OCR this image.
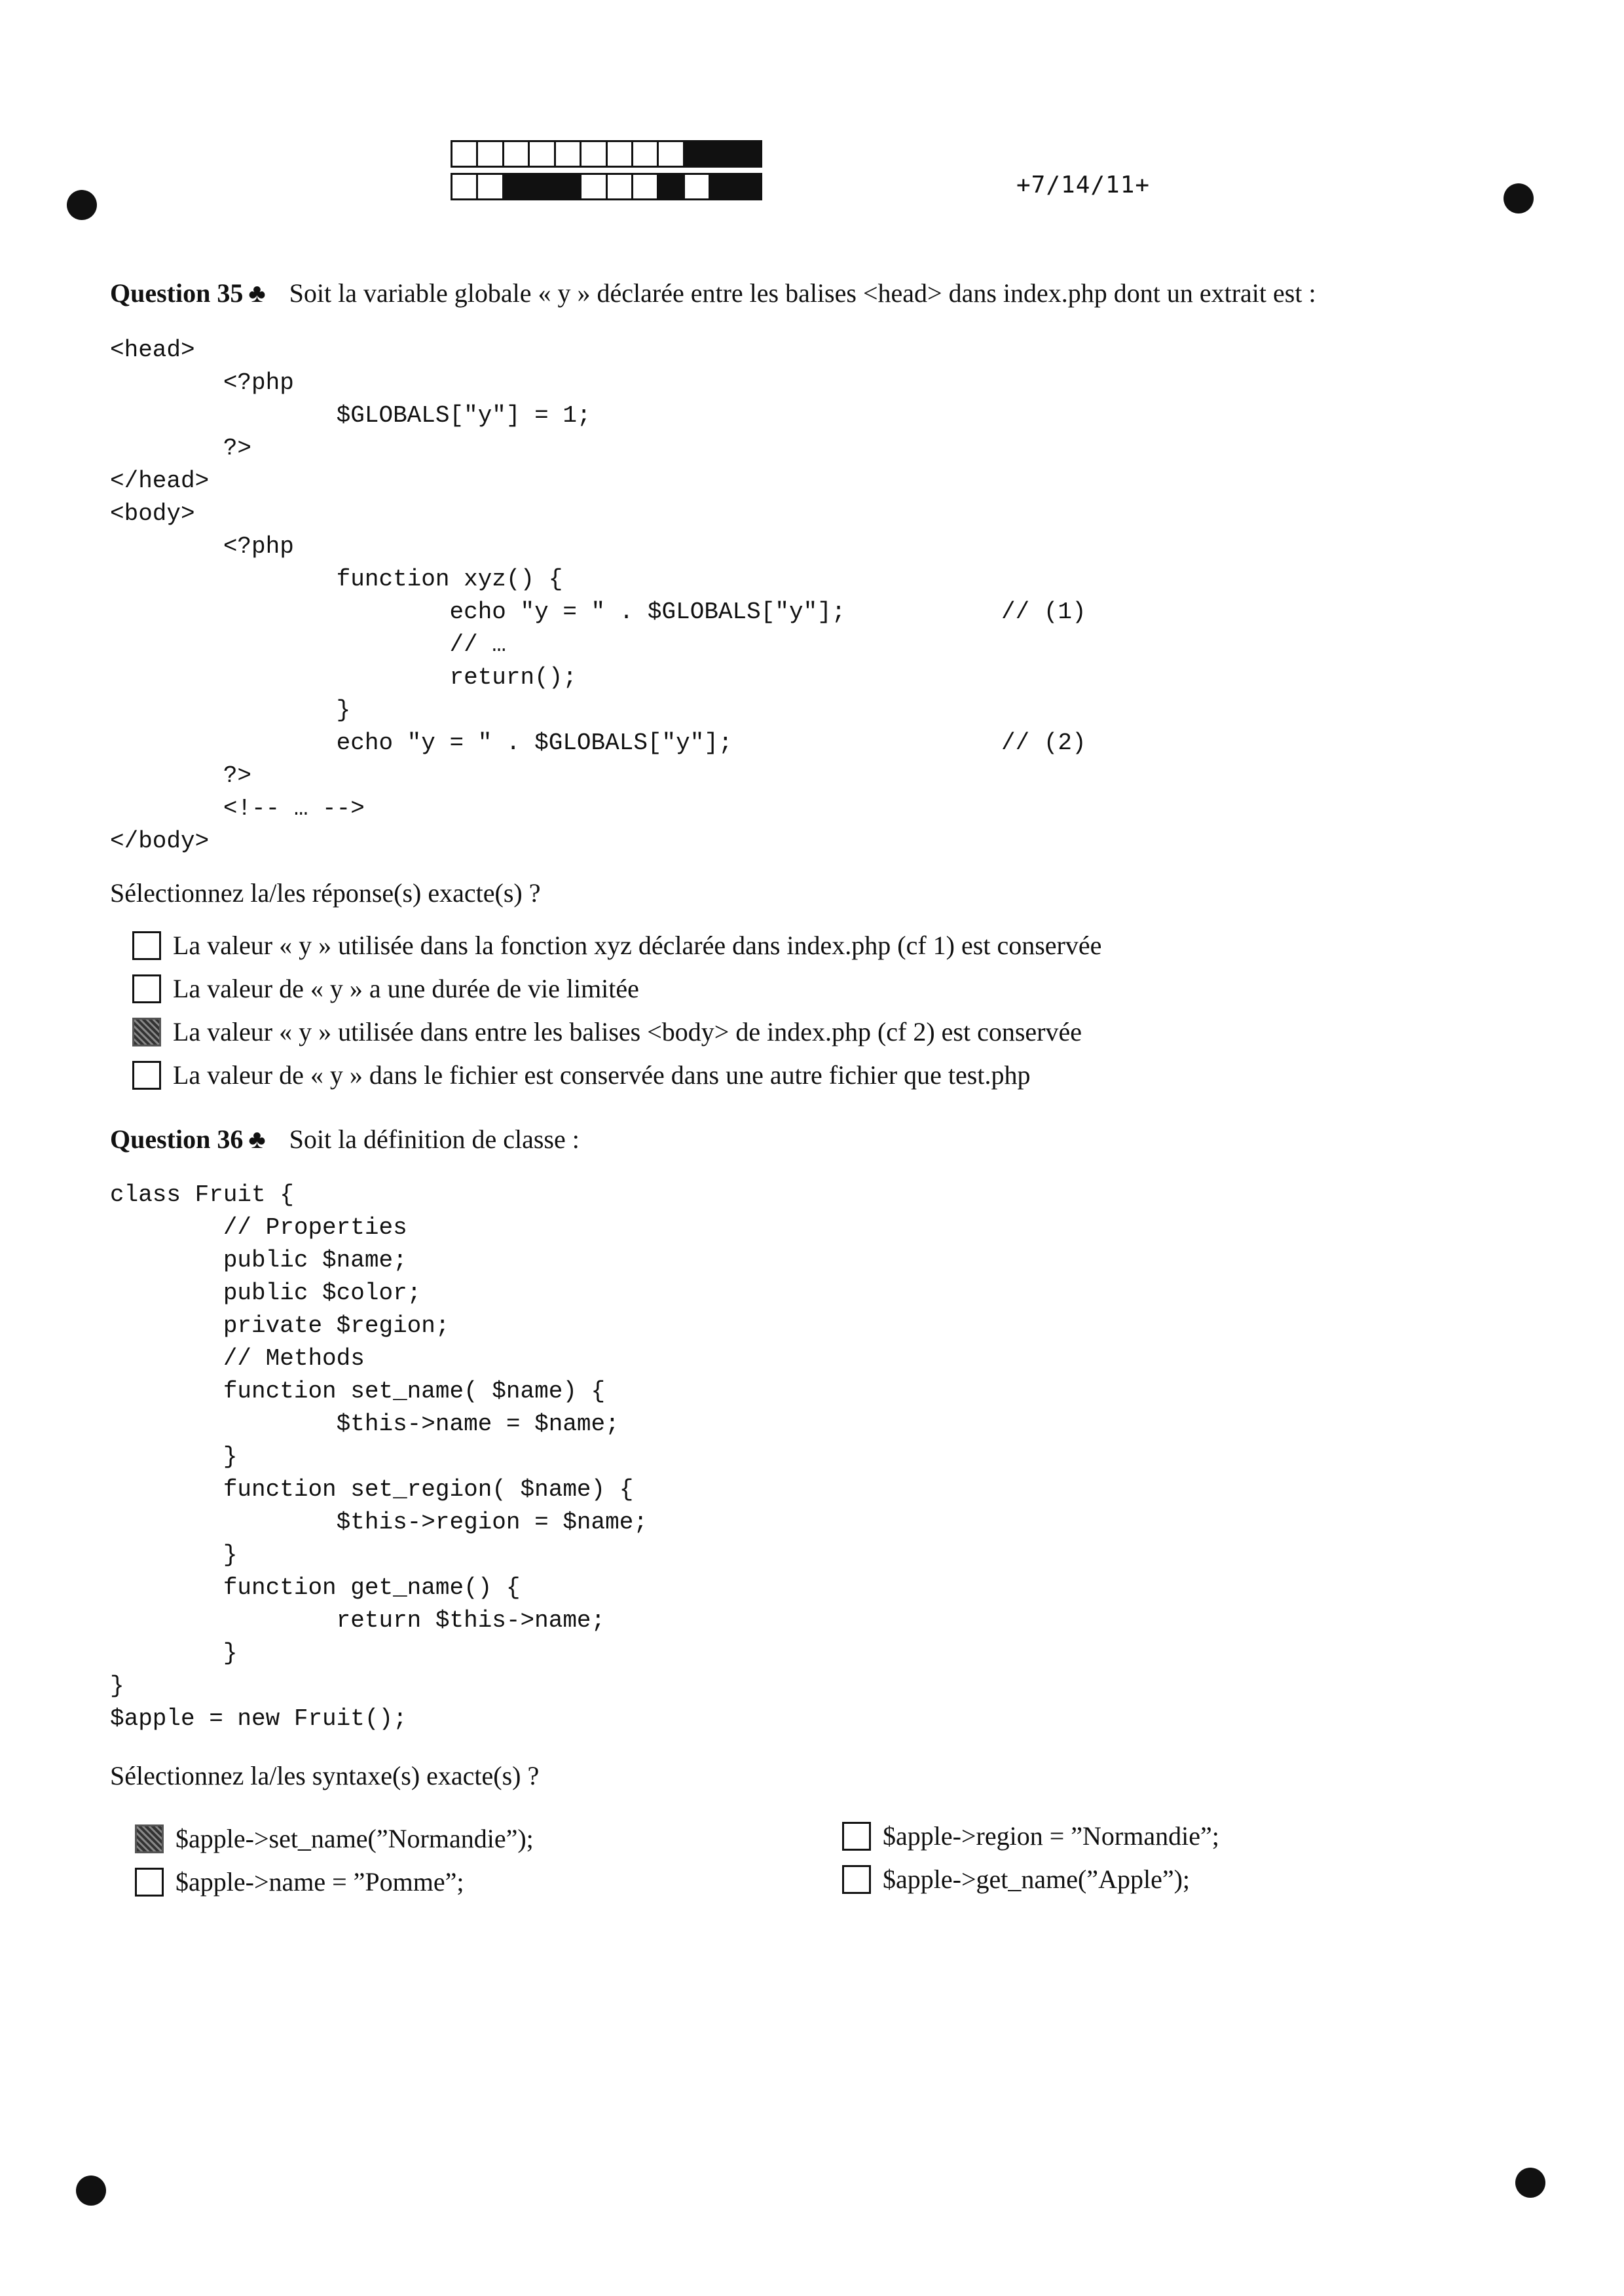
+7/14/11+
Question 35 ♣ Soit la variable globale « y » déclarée entre les balises <head> dans index.php dont un extrait est :
<head>
<?php
$GLOBALS["y"] = 1;
?>
</head>
<body>
<?php
function xyz() {
echo "y = " . $GLOBALS["y"];           // (1)
// …
return();
}
echo "y = " . $GLOBALS["y"];                   // (2)
?>
<!-- … -->
</body>
Sélectionnez la/les réponse(s) exacte(s) ?
La valeur « y » utilisée dans la fonction xyz déclarée dans index.php (cf 1) est conservée
La valeur de « y » a une durée de vie limitée
La valeur « y » utilisée dans entre les balises <body> de index.php (cf 2) est conservée
La valeur de « y » dans le fichier est conservée dans une autre fichier que test.php
Question 36 ♣ Soit la définition de classe :
class Fruit {
// Properties
public $name;
public $color;
private $region;
// Methods
function set_name( $name) {
$this->name = $name;
}
function set_region( $name) {
$this->region = $name;
}
function get_name() {
return $this->name;
}
}
$apple = new Fruit();
Sélectionnez la/les syntaxe(s) exacte(s) ?
$apple->set_name(”Normandie”);
$apple->name = ”Pomme”;
$apple->region = ”Normandie”;
$apple->get_name(”Apple”);
